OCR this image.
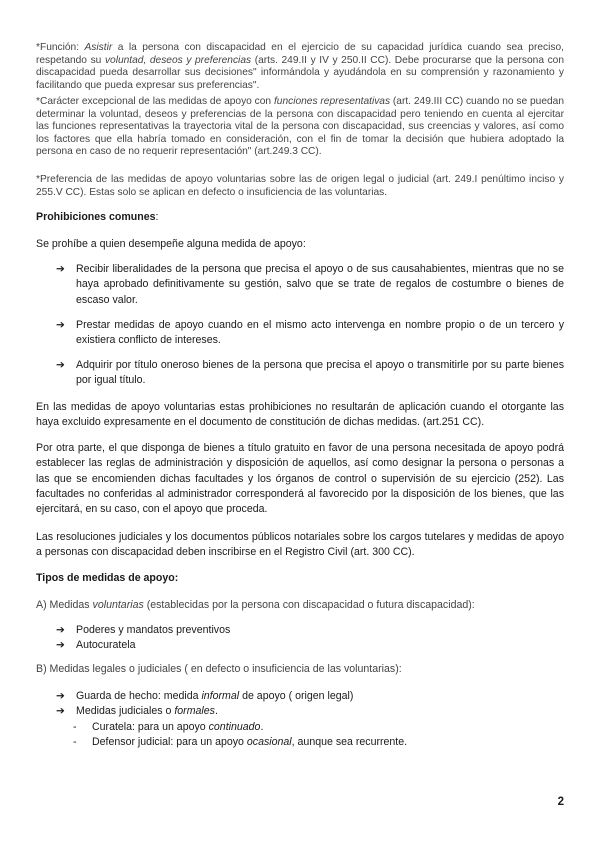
*Función: Asistir a la persona con discapacidad en el ejercicio de su capacidad jurídica cuando sea preciso, respetando su voluntad, deseos y preferencias (arts. 249.II y IV y 250.II CC). Debe procurarse que la persona con discapacidad pueda desarrollar sus decisiones" informándola y ayudándola en su comprensión y razonamiento y facilitando que pueda expresar sus preferencias".

*Carácter excepcional de las medidas de apoyo con funciones representativas (art. 249.III CC) cuando no se puedan determinar la voluntad, deseos y preferencias de la persona con discapacidad pero teniendo en cuenta al ejercitar las funciones representativas la trayectoria vital de la persona con discapacidad, sus creencias y valores, así como los factores que ella habría tomado en consideración, con el fin de tomar la decisión que hubiera adoptado la persona en caso de no requerir representación" (art.249.3 CC).

*Preferencia de las medidas de apoyo voluntarias sobre las de origen legal o judicial (art. 249.I penúltimo inciso y 255.V CC). Estas solo se aplican en defecto o insuficiencia de las voluntarias.

Prohibiciones comunes:

Se prohíbe a quien desempeñe alguna medida de apoyo:

➔ Recibir liberalidades de la persona que precisa el apoyo o de sus causahabientes, mientras que no se haya aprobado definitivamente su gestión, salvo que se trate de regalos de costumbre o bienes de escaso valor.
➔ Prestar medidas de apoyo cuando en el mismo acto intervenga en nombre propio o de un tercero y existiera conflicto de intereses.
➔ Adquirir por título oneroso bienes de la persona que precisa el apoyo o transmitirle por su parte bienes por igual título.

En las medidas de apoyo voluntarias estas prohibiciones no resultarán de aplicación cuando el otorgante las haya excluido expresamente en el documento de constitución de dichas medidas. (art.251 CC).

Por otra parte, el que disponga de bienes a título gratuito en favor de una persona necesitada de apoyo podrá establecer las reglas de administración y disposición de aquellos, así como designar la persona o personas a las que se encomienden dichas facultades y los órganos de control o supervisión de su ejercicio (252). Las facultades no conferidas al administrador corresponderá al favorecido por la disposición de los bienes, que las ejercitará, en su caso, con el apoyo que proceda.

Las resoluciones judiciales y los documentos públicos notariales sobre los cargos tutelares y medidas de apoyo a personas con discapacidad deben inscribirse en el Registro Civil (art. 300 CC).

Tipos de medidas de apoyo:

A) Medidas voluntarias (establecidas por la persona con discapacidad o futura discapacidad):

➔ Poderes y mandatos preventivos
➔ Autocuratela

B) Medidas legales o judiciales ( en defecto o insuficiencia de las voluntarias):

➔ Guarda de hecho: medida informal de apoyo ( origen legal)
➔ Medidas judiciales o formales.
- Curatela: para un apoyo continuado.
- Defensor judicial: para un apoyo ocasional, aunque sea recurrente.
2
